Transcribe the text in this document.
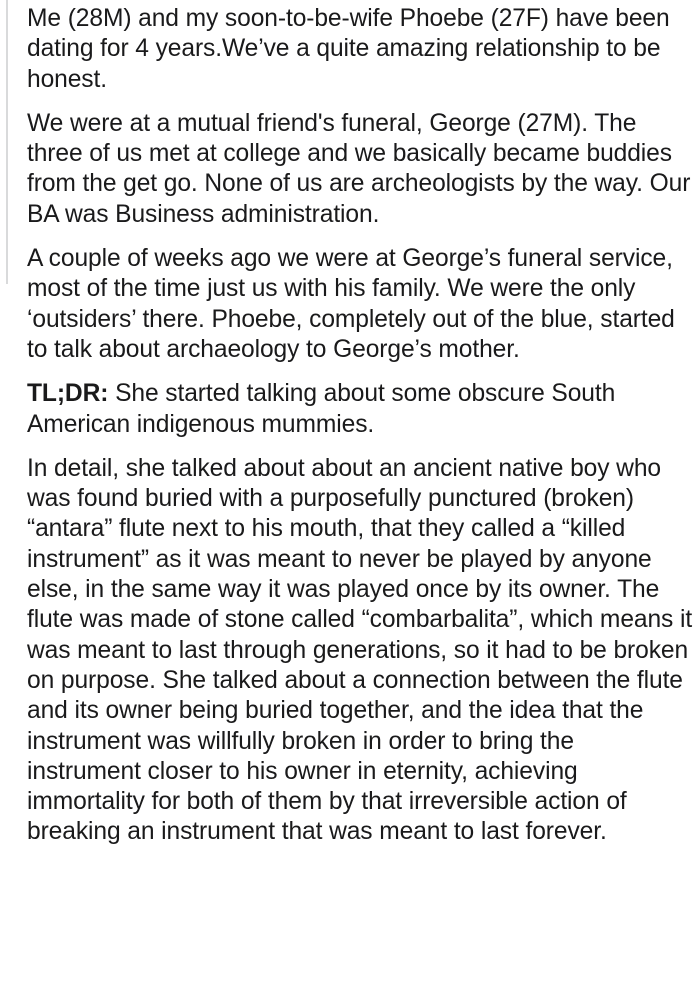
Me (28M) and my soon-to-be-wife Phoebe (27F) have been dating for 4 years.We’ve a quite amazing relationship to be honest.

We were at a mutual friend's funeral, George (27M). The three of us met at college and we basically became buddies from the get go. None of us are archeologists by the way. Our BA was Business administration.

A couple of weeks ago we were at George’s funeral service, most of the time just us with his family. We were the only ‘outsiders’ there. Phoebe, completely out of the blue, started to talk about archaeology to George’s mother.

TL;DR: She started talking about some obscure South American indigenous mummies.

In detail, she talked about about an ancient native boy who was found buried with a purposefully punctured (broken) “antara” flute next to his mouth, that they called a “killed instrument” as it was meant to never be played by anyone else, in the same way it was played once by its owner. The flute was made of stone called “combarbalita”, which means it was meant to last through generations, so it had to be broken on purpose. She talked about a connection between the flute and its owner being buried together, and the idea that the instrument was willfully broken in order to bring the instrument closer to his owner in eternity, achieving immortality for both of them by that irreversible action of breaking an instrument that was meant to last forever.
